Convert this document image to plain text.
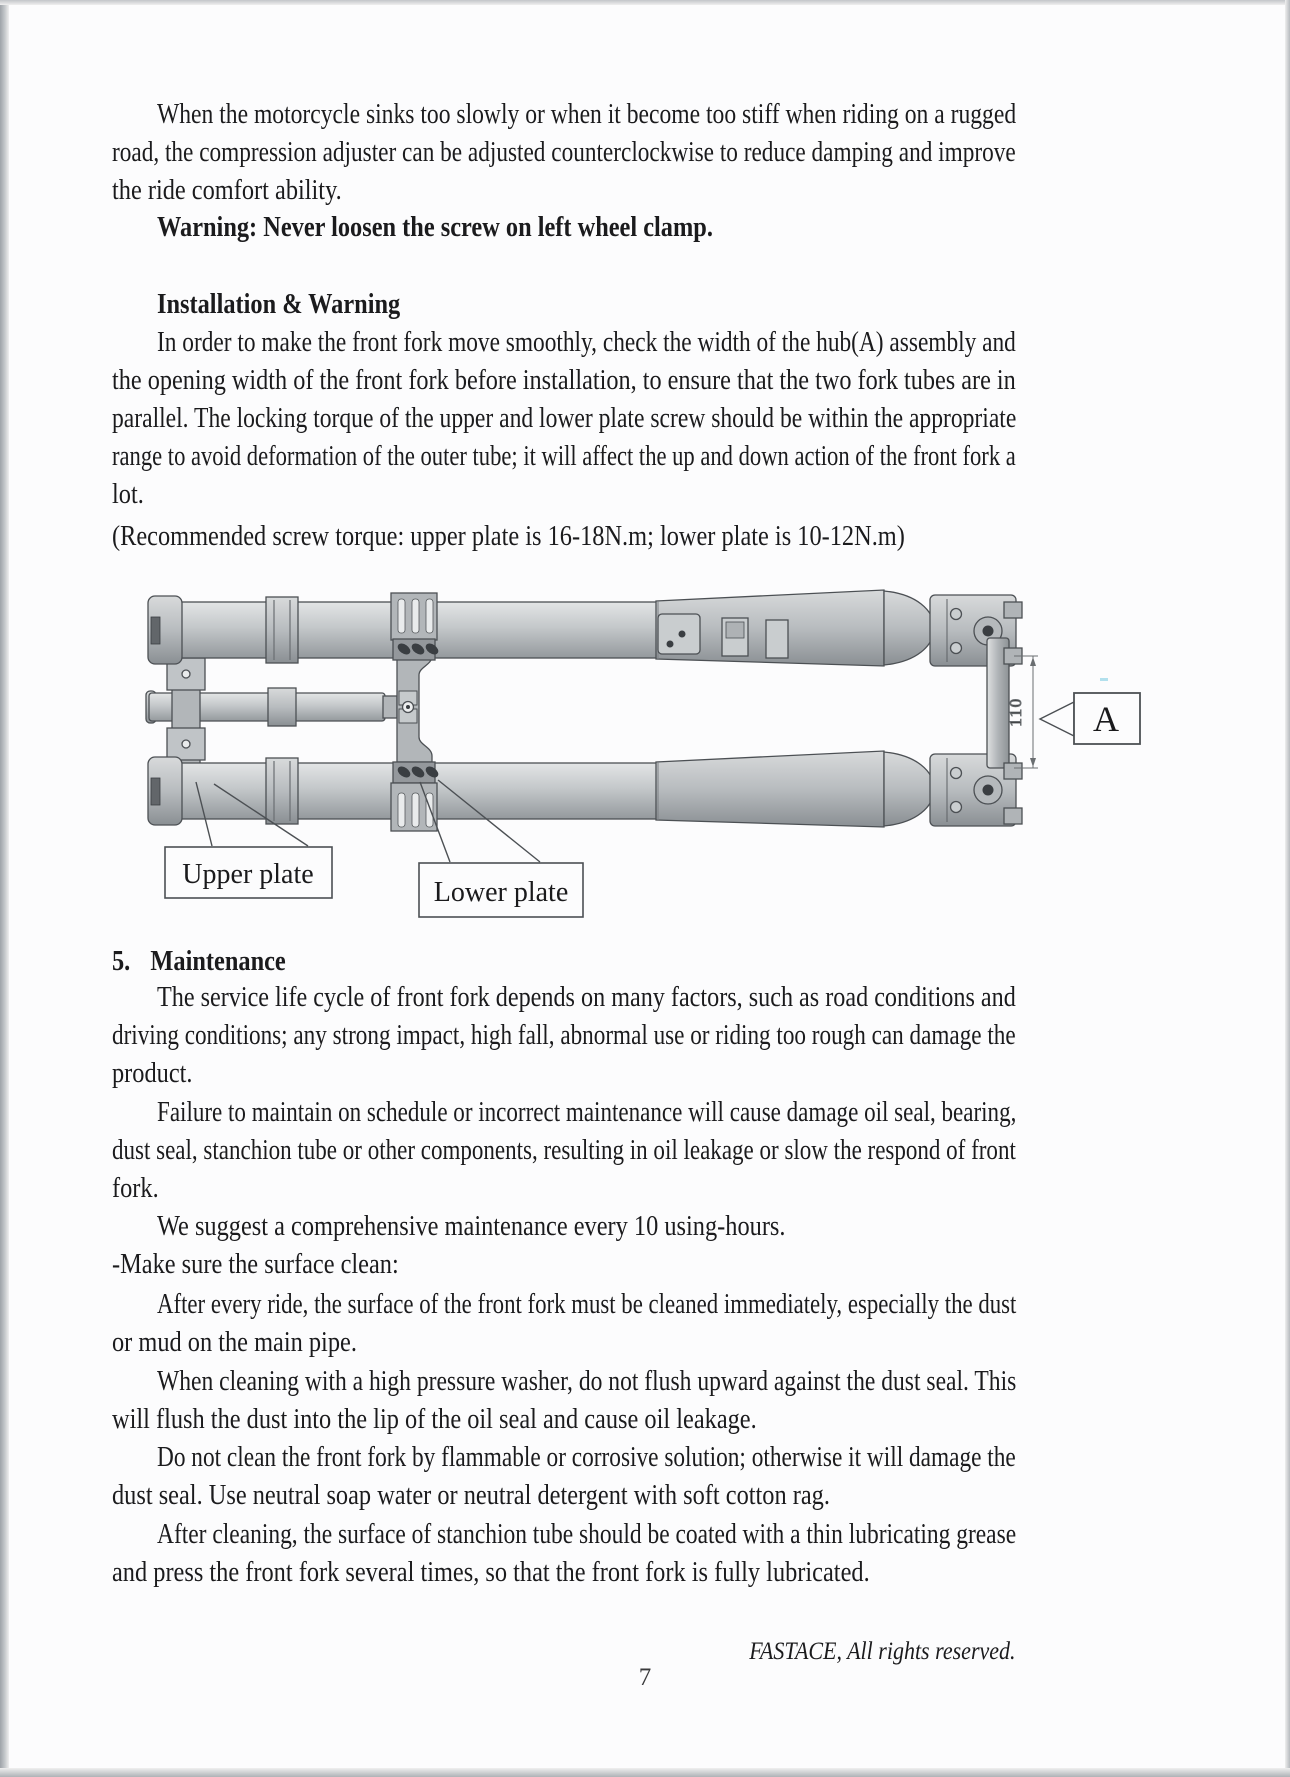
When the motorcycle sinks too slowly or when it become too stiff when riding on a rugged
road, the compression adjuster can be adjusted counterclockwise to reduce damping and improve
the ride comfort ability.
Warning: Never loosen the screw on left wheel clamp.
Installation & Warning
In order to make the front fork move smoothly, check the width of the hub(A) assembly and
the opening width of the front fork before installation, to ensure that the two fork tubes are in
parallel. The locking torque of the upper and lower plate screw should be within the appropriate
range to avoid deformation of the outer tube; it will affect the up and down action of the front fork a
lot.
(Recommended screw torque: upper plate is 16-18N.m; lower plate is 10-12N.m)
110 A
Upper plate
Lower plate
5. Maintenance
The service life cycle of front fork depends on many factors, such as road conditions and
driving conditions; any strong impact, high fall, abnormal use or riding too rough can damage the
product.
Failure to maintain on schedule or incorrect maintenance will cause damage oil seal, bearing,
dust seal, stanchion tube or other components, resulting in oil leakage or slow the respond of front
fork.
We suggest a comprehensive maintenance every 10 using-hours.
-Make sure the surface clean:
After every ride, the surface of the front fork must be cleaned immediately, especially the dust
or mud on the main pipe.
When cleaning with a high pressure washer, do not flush upward against the dust seal. This
will flush the dust into the lip of the oil seal and cause oil leakage.
Do not clean the front fork by flammable or corrosive solution; otherwise it will damage the
dust seal. Use neutral soap water or neutral detergent with soft cotton rag.
After cleaning, the surface of stanchion tube should be coated with a thin lubricating grease
and press the front fork several times, so that the front fork is fully lubricated.
FASTACE, All rights reserved.
7
